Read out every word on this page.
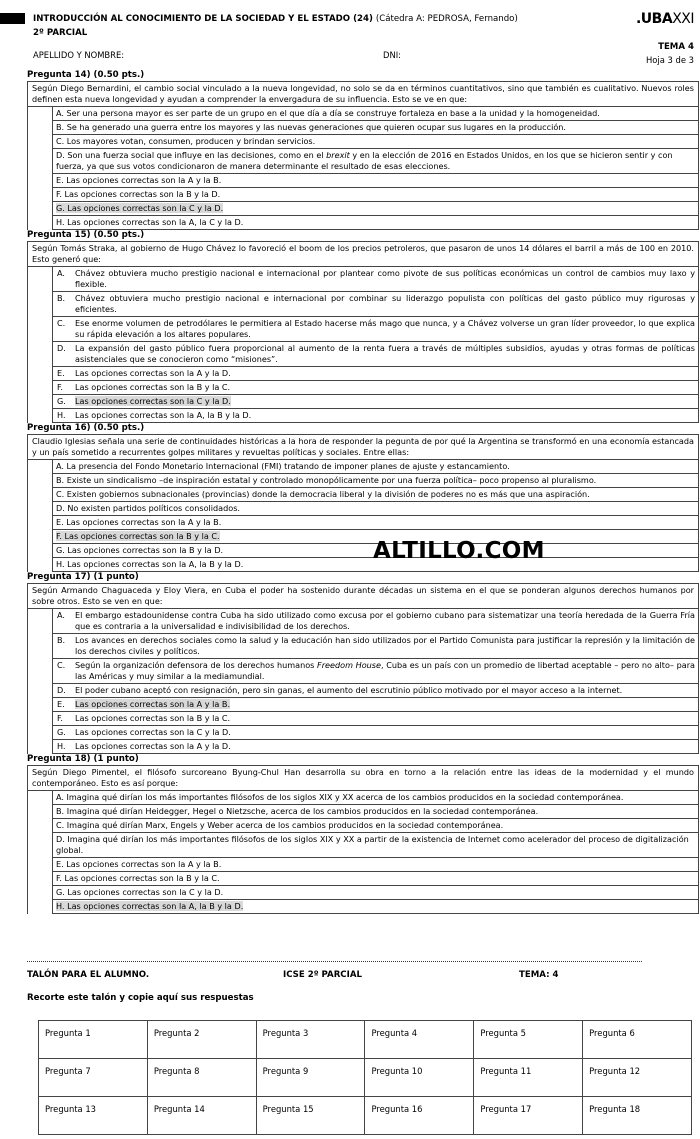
INTRODUCCIÓN AL CONOCIMIENTO DE LA SOCIEDAD Y EL ESTADO (24) (Cátedra A: PEDROSA, Fernando)
2º PARCIAL
.UBAXXI
APELLIDO Y NOMBRE:	DNI:
TEMA 4
Hoja 3 de 3
Pregunta 14) (0.50 pts.)
Según Diego Bernardini, el cambio social vinculado a la nueva longevidad, no solo se da en términos cuantitativos, sino que también es cualitativo. Nuevos roles definen esta nueva longevidad y ayudan a comprender la envergadura de su influencia. Esto se ve en que:
A. Ser una persona mayor es ser parte de un grupo en el que día a día se construye fortaleza en base a la unidad y la homogeneidad.
B. Se ha generado una guerra entre los mayores y las nuevas generaciones que quieren ocupar sus lugares en la producción.
C. Los mayores votan, consumen, producen y brindan servicios.
D. Son una fuerza social que influye en las decisiones, como en el brexit y en la elección de 2016 en Estados Unidos, en los que se hicieron sentir y con fuerza, ya que sus votos condicionaron de manera determinante el resultado de esas elecciones.
E. Las opciones correctas son la A y la B.
F. Las opciones correctas son la B y la D.
G. Las opciones correctas son la C y la D.
H. Las opciones correctas son la A, la C y la D.
Pregunta 15) (0.50 pts.)
Según Tomás Straka, al gobierno de Hugo Chávez lo favoreció el boom de los precios petroleros, que pasaron de unos 14 dólares el barril a más de 100 en 2010. Esto generó que:
A.	Chávez obtuviera mucho prestigio nacional e internacional por plantear como pivote de sus políticas económicas un control de cambios muy laxo y flexible.
B.	Chávez obtuviera mucho prestigio nacional e internacional por combinar su liderazgo populista con políticas del gasto público muy rigurosas y eficientes.
C.	Ese enorme volumen de petrodólares le permitiera al Estado hacerse más mago que nunca, y a Chávez volverse un gran líder proveedor, lo que explica su rápida elevación a los altares populares.
D.	La expansión del gasto público fuera proporcional al aumento de la renta fuera a través de múltiples subsidios, ayudas y otras formas de políticas asistenciales que se conocieron como “misiones”.
E.	Las opciones correctas son la A y la D.
F.	Las opciones correctas son la B y la C.
G.	Las opciones correctas son la C y la D.
H.	Las opciones correctas son la A, la B y la D.
Pregunta 16) (0.50 pts.)
Claudio Iglesias señala una serie de continuidades históricas a la hora de responder la pegunta de por qué la Argentina se transformó en una economía estancada y un país sometido a recurrentes golpes militares y revueltas políticas y sociales. Entre ellas:
A. La presencia del Fondo Monetario Internacional (FMI) tratando de imponer planes de ajuste y estancamiento.
B. Existe un sindicalismo –de inspiración estatal y controlado monopólicamente por una fuerza política– poco propenso al pluralismo.
C. Existen gobiernos subnacionales (provincias) donde la democracia liberal y la división de poderes no es más que una aspiración.
D. No existen partidos políticos consolidados.
E. Las opciones correctas son la A y la B.
F. Las opciones correctas son la B y la C.
G. Las opciones correctas son la B y la D.
H. Las opciones correctas son la A, la B y la D.
Pregunta 17) (1 punto)
Según Armando Chaguaceda y Eloy Viera, en Cuba el poder ha sostenido durante décadas un sistema en el que se ponderan algunos derechos humanos por sobre otros. Esto se ven en que:
A.	El embargo estadounidense contra Cuba ha sido utilizado como excusa por el gobierno cubano para sistematizar una teoría heredada de la Guerra Fría que es contraria a la universalidad e indivisibilidad de los derechos.
B.	Los avances en derechos sociales como la salud y la educación han sido utilizados por el Partido Comunista para justificar la represión y la limitación de los derechos civiles y políticos.
C.	Según la organización defensora de los derechos humanos Freedom House, Cuba es un país con un promedio de libertad aceptable – pero no alto– para las Américas y muy similar a la mediamundial.
D.	El poder cubano aceptó con resignación, pero sin ganas, el aumento del escrutinio público motivado por el mayor acceso a la internet.
E.	Las opciones correctas son la A y la B.
F.	Las opciones correctas son la B y la C.
G.	Las opciones correctas son la C y la D.
H.	Las opciones correctas son la A y la D.
Pregunta 18) (1 punto)
Según Diego Pimentel, el filósofo surcoreano Byung-Chul Han desarrolla su obra en torno a la relación entre las ideas de la modernidad y el mundo contemporáneo. Esto es así porque:
A. Imagina qué dirían los más importantes filósofos de los siglos XIX y XX acerca de los cambios producidos en la sociedad contemporánea.
B. Imagina qué dirían Heidegger, Hegel o Nietzsche, acerca de los cambios producidos en la sociedad contemporánea.
C. Imagina qué dirían Marx, Engels y Weber acerca de los cambios producidos en la sociedad contemporánea.
D. Imagina qué dirían los más importantes filósofos de los siglos XIX y XX a partir de la existencia de Internet como acelerador del proceso de digitalización global.
E. Las opciones correctas son la A y la B.
F. Las opciones correctas son la B y la C.
G. Las opciones correctas son la C y la D.
H. Las opciones correctas son la A, la B y la D.
ALTILLO.COM
TALÓN PARA EL ALUMNO.	ICSE 2º PARCIAL	TEMA: 4
Recorte este talón y copie aquí sus respuestas
Pregunta 1	Pregunta 2	Pregunta 3	Pregunta 4	Pregunta 5	Pregunta 6
Pregunta 7	Pregunta 8	Pregunta 9	Pregunta 10	Pregunta 11	Pregunta 12
Pregunta 13	Pregunta 14	Pregunta 15	Pregunta 16	Pregunta 17	Pregunta 18
